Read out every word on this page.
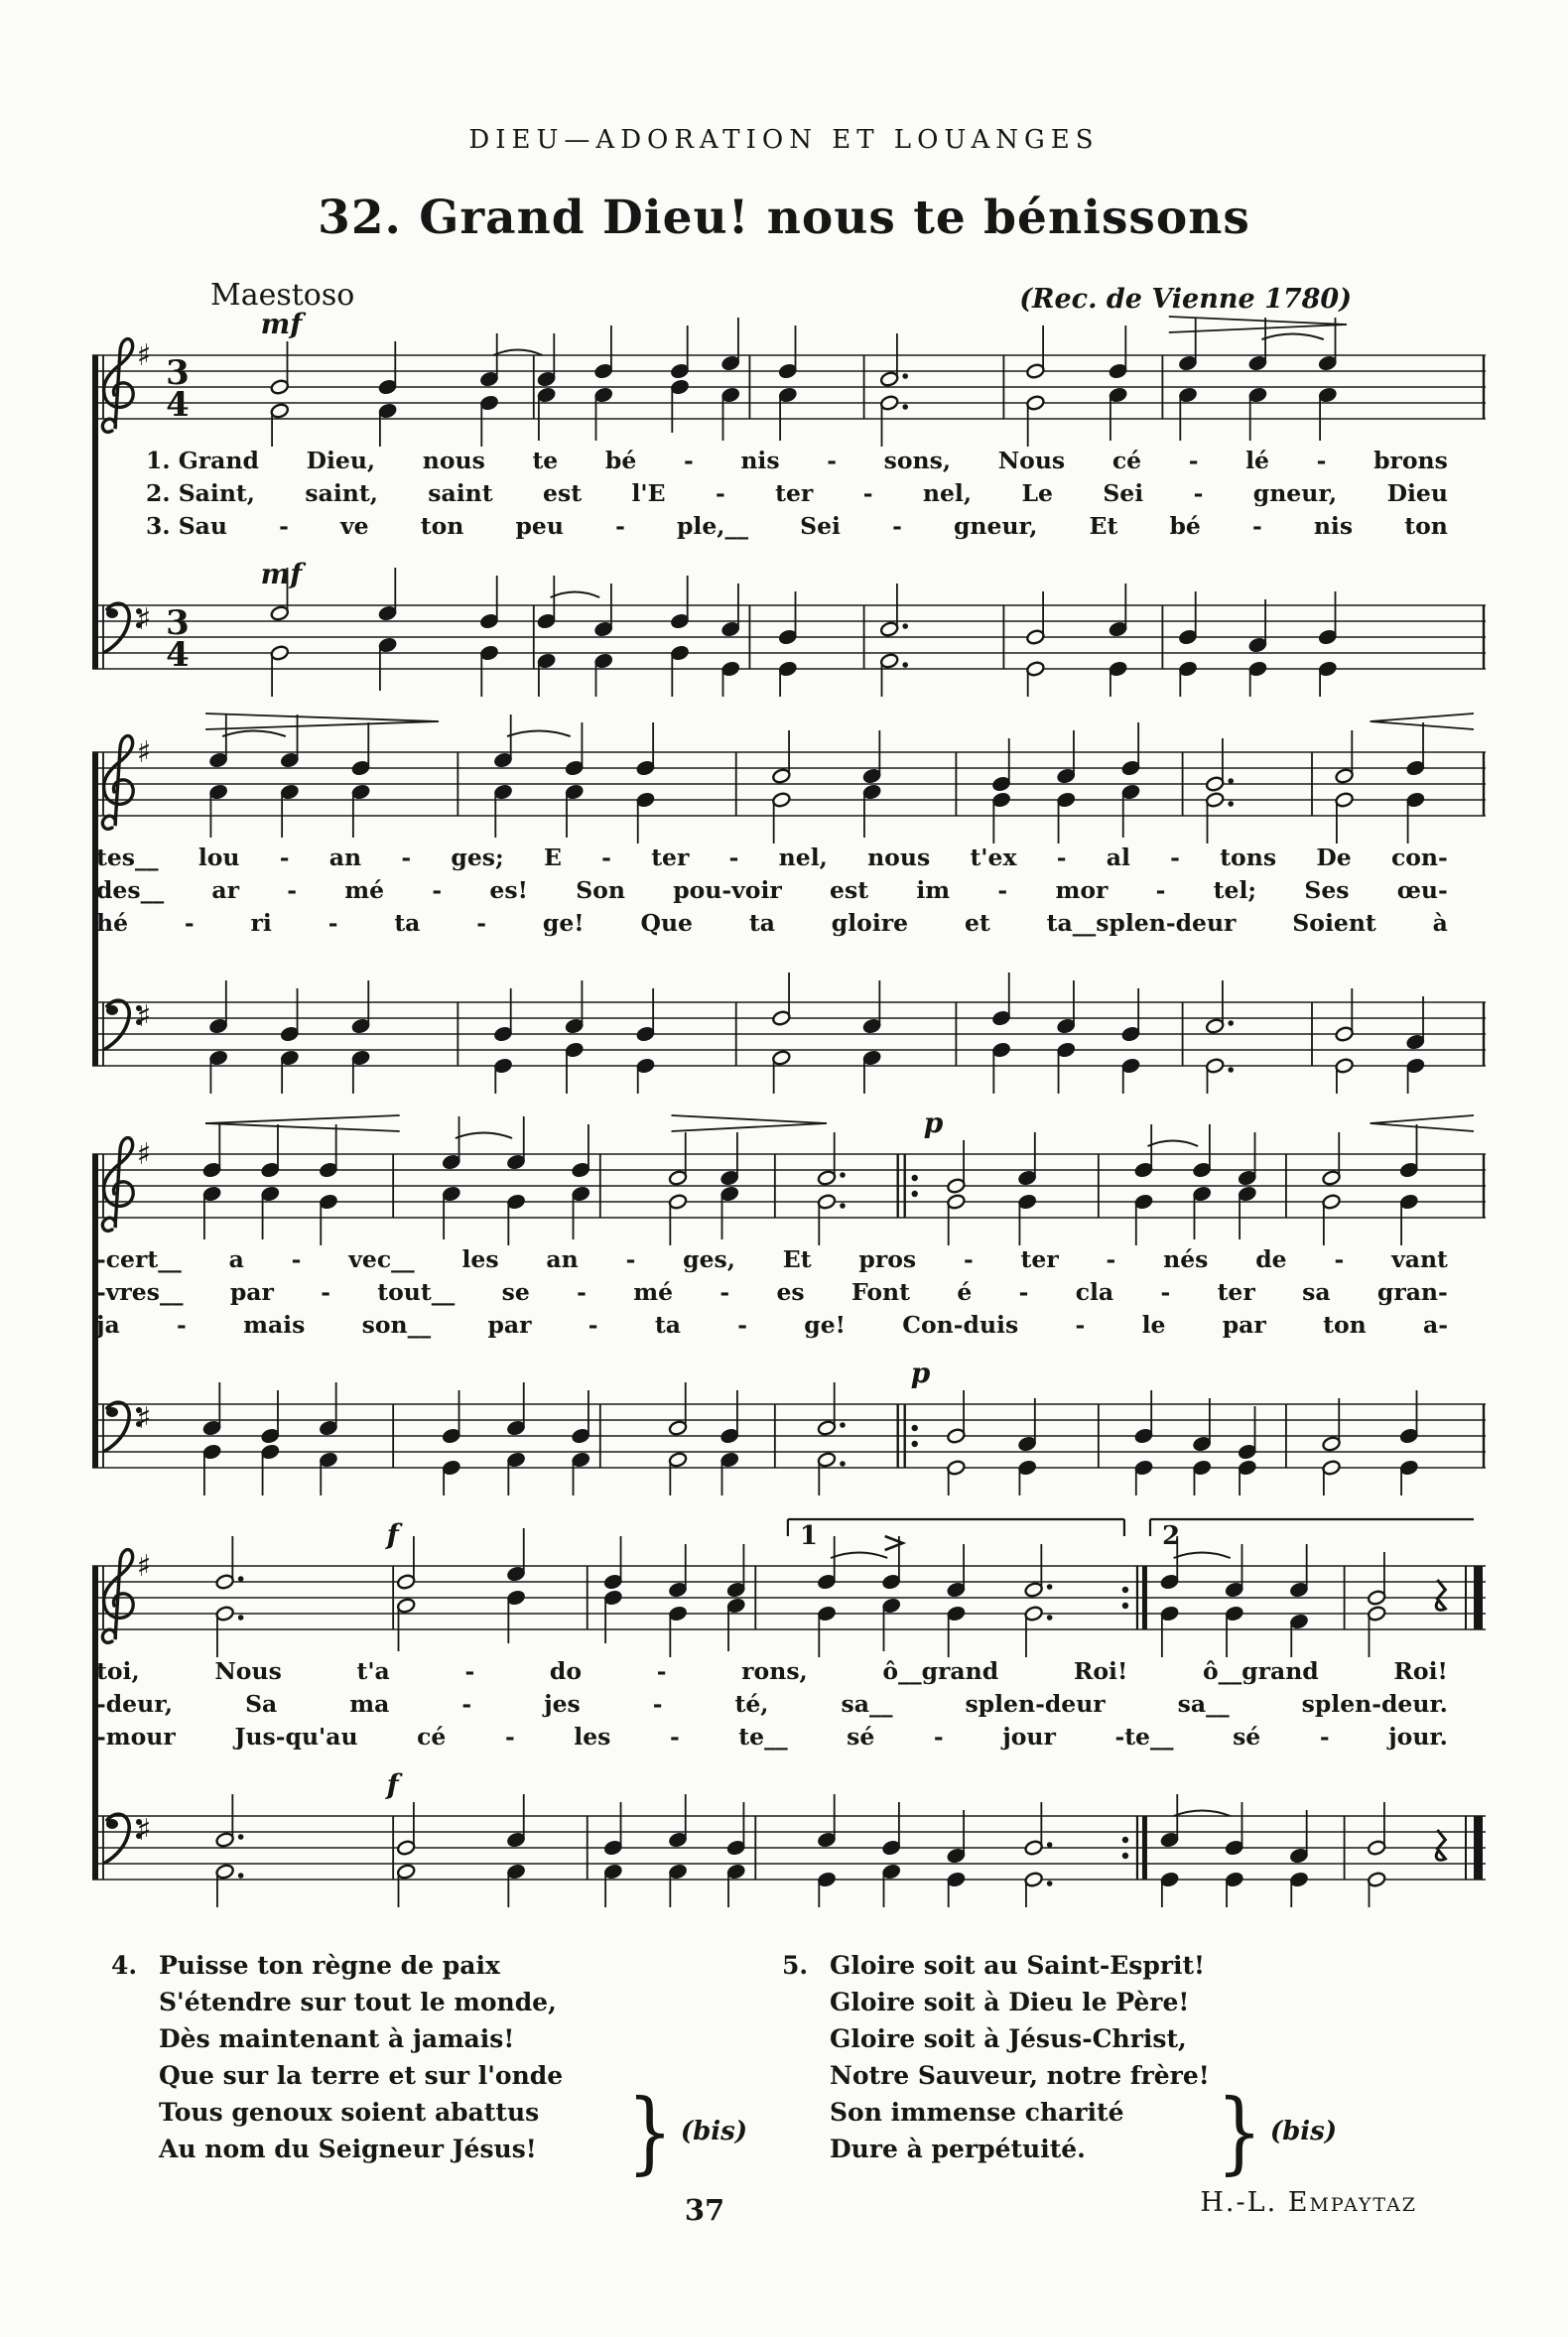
DIEU—ADORATION ET LOUANGES
32. Grand Dieu! nous te bénissons
Maestoso	(Rec. de Vienne 1780)
♯ 3
4
mf
1. Grand Dieu, nous te bé - nis - sons, Nous cé - lé - brons
2. Saint, saint, saint est l'E - ter - nel, Le Sei - gneur, Dieu
3. Sau - ve ton peu - ple,__ Sei - gneur, Et bé - nis ton
♯ 3
4
mf
♯
tes__ lou - an - ges; E - ter - nel, nous t'ex - al - tons De con-
des__ ar - mé - es! Son pou-voir est im - mor - tel; Ses œu-
hé - ri - ta - ge! Que ta gloire et ta__splen-deur Soient à
♯
♯
p
-cert__ a - vec__ les an - ges, Et pros - ter - nés de - vant
-vres__ par - tout__ se - mé - es Font é - cla - ter sa gran-
ja - mais son__ par - ta - ge! Con-duis - le par ton a-
♯
p
♯
f	1	2
toi,	Nous	t'a	-	do	-	rons,	ô__grand	Roi!	ô__grand	Roi!
-deur,	Sa	ma	-	jes	-	té,	sa__	splen-deur	sa__	splen-deur.
-mour	Jus-qu'au	cé	-	les	-	te__	sé	-	jour	-te__	sé	-	jour.
♯
f
4. Puisse ton règne de paix
S'étendre sur tout le monde,
Dès maintenant à jamais!
Que sur la terre et sur l'onde
Tous genoux soient abattus
Au nom du Seigneur Jésus!	} (bis)
5. Gloire soit au Saint-Esprit!
Gloire soit à Dieu le Père!
Gloire soit à Jésus-Christ,
Notre Sauveur, notre frère!
Son immense charité
Dure à perpétuité.	} (bis)
37	H.-L. Empaytaz
